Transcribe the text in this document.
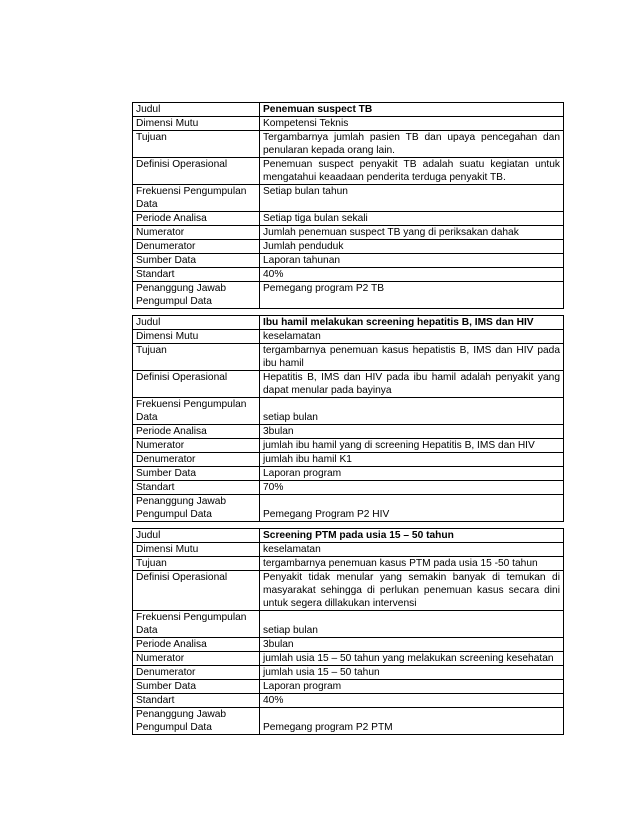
Judul	Penemuan suspect TB
Dimensi Mutu	Kompetensi Teknis
Tujuan	Tergambarnya jumlah pasien TB dan upaya pencegahan dan penularan kepada orang lain.
Definisi Operasional	Penemuan suspect penyakit TB adalah suatu kegiatan untuk mengatahui keaadaan penderita terduga penyakit TB.
Frekuensi Pengumpulan Data	Setiap bulan tahun
Periode Analisa	Setiap tiga bulan sekali
Numerator	Jumlah penemuan suspect TB yang di periksakan dahak
Denumerator	Jumlah penduduk
Sumber Data	Laporan tahunan
Standart	40%
Penanggung Jawab Pengumpul Data	Pemegang program P2 TB
Judul	Ibu hamil melakukan screening hepatitis B, IMS dan HIV
Dimensi Mutu	keselamatan
Tujuan	tergambarnya penemuan kasus hepatistis B, IMS dan HIV pada ibu hamil
Definisi Operasional	Hepatitis B, IMS dan HIV pada ibu hamil adalah penyakit yang dapat menular pada bayinya
Frekuensi Pengumpulan Data	setiap bulan
Periode Analisa	3bulan
Numerator	jumlah ibu hamil yang di screening Hepatitis B, IMS dan HIV
Denumerator	jumlah ibu hamil K1
Sumber Data	Laporan program
Standart	70%
Penanggung Jawab Pengumpul Data	Pemegang Program P2 HIV
Judul	Screening PTM pada usia 15 – 50 tahun
Dimensi Mutu	keselamatan
Tujuan	tergambarnya penemuan kasus PTM pada usia 15 -50 tahun
Definisi Operasional	Penyakit tidak menular yang semakin banyak di temukan di masyarakat sehingga di perlukan penemuan kasus secara dini untuk segera dillakukan intervensi
Frekuensi Pengumpulan Data	setiap bulan
Periode Analisa	3bulan
Numerator	jumlah usia 15 – 50 tahun yang melakukan screening kesehatan
Denumerator	jumlah usia 15 – 50 tahun
Sumber Data	Laporan program
Standart	40%
Penanggung Jawab Pengumpul Data	Pemegang program P2 PTM
